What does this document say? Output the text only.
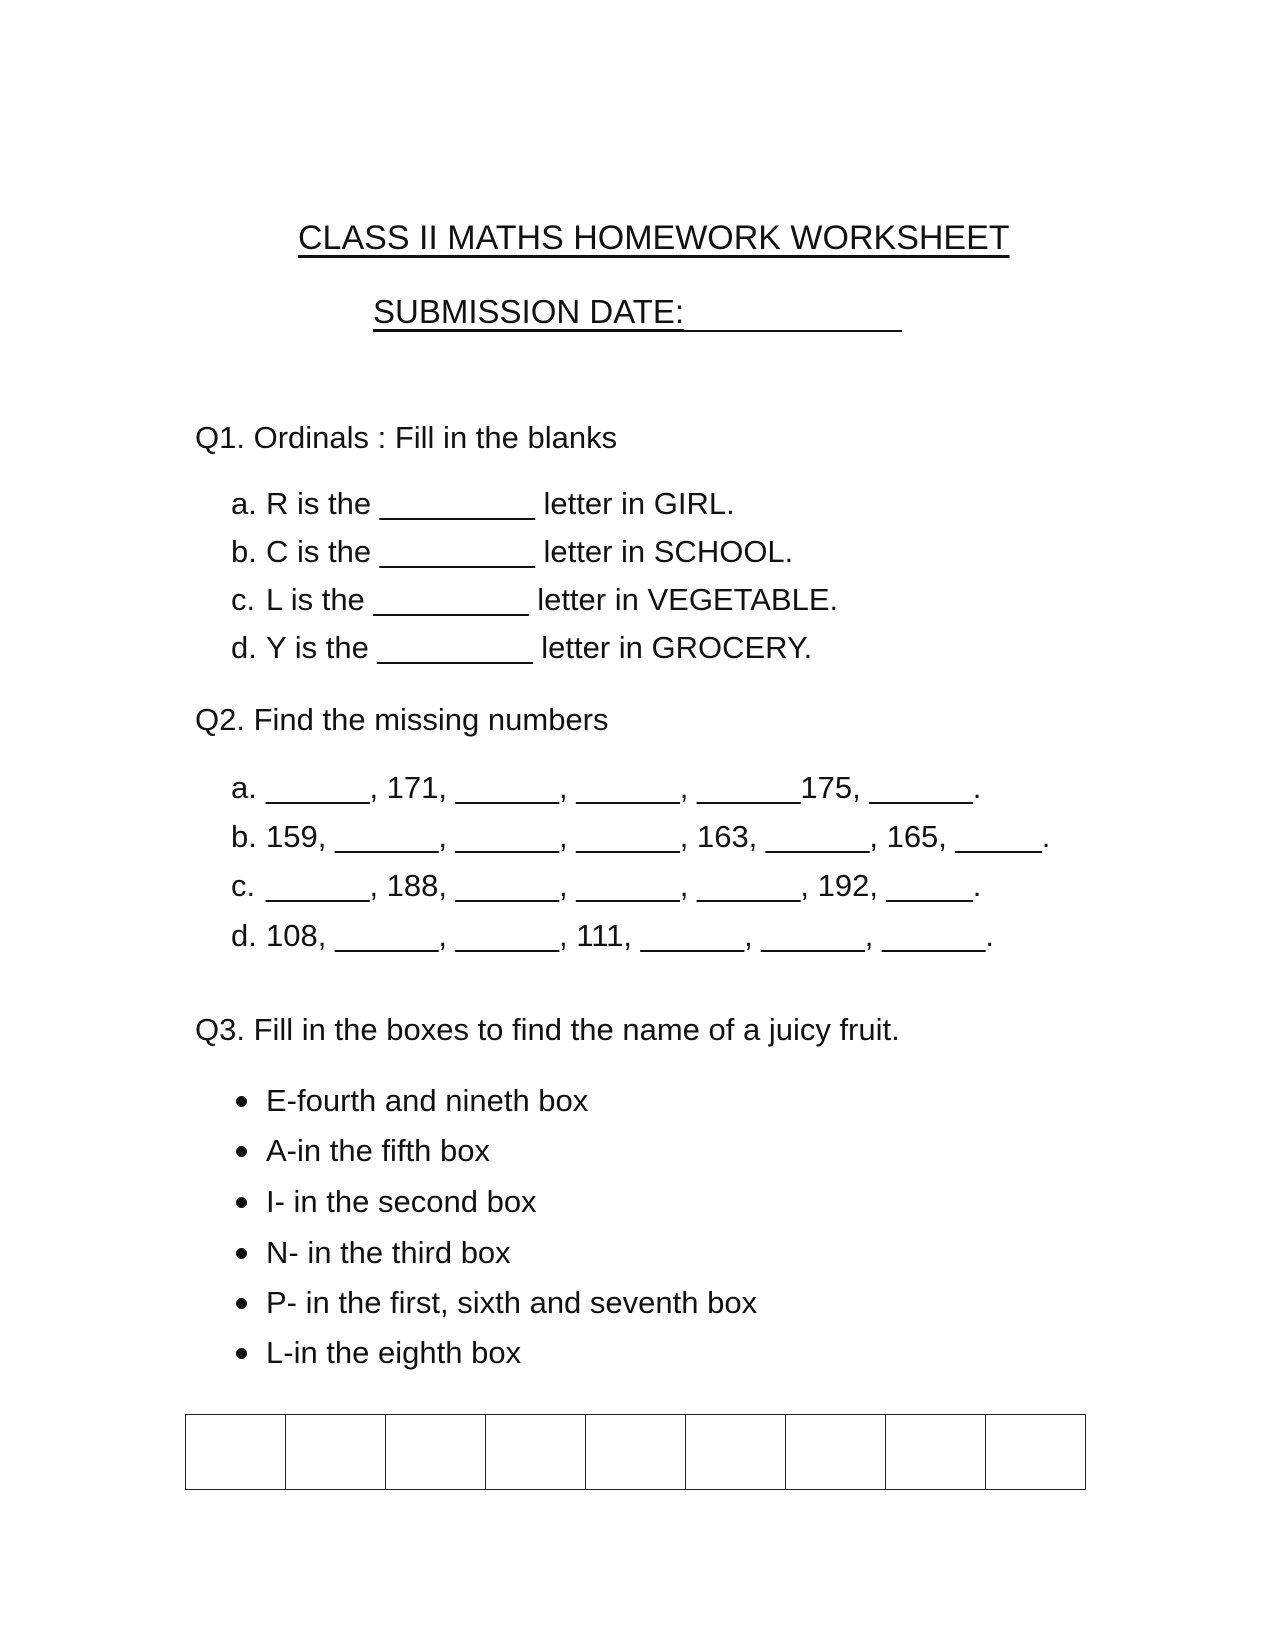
CLASS II MATHS HOMEWORK WORKSHEET
SUBMISSION DATE:
Q1. Ordinals : Fill in the blanks
a. R is the _________ letter in GIRL.
b. C is the _________ letter in SCHOOL.
c. L is the _________ letter in VEGETABLE.
d. Y is the _________ letter in GROCERY.
Q2. Find the missing numbers
a. ______, 171, ______, ______, ______175, ______.
b. 159, ______, ______, ______, 163, ______, 165, _____.
c. ______, 188, ______, ______, ______, 192, _____.
d. 108, ______, ______, 111, ______, ______, ______.
Q3. Fill in the boxes to find the name of a juicy fruit.
E-fourth and nineth box
A-in the fifth box
I- in the second box
N- in the third box
P- in the first, sixth and seventh box
L-in the eighth box
